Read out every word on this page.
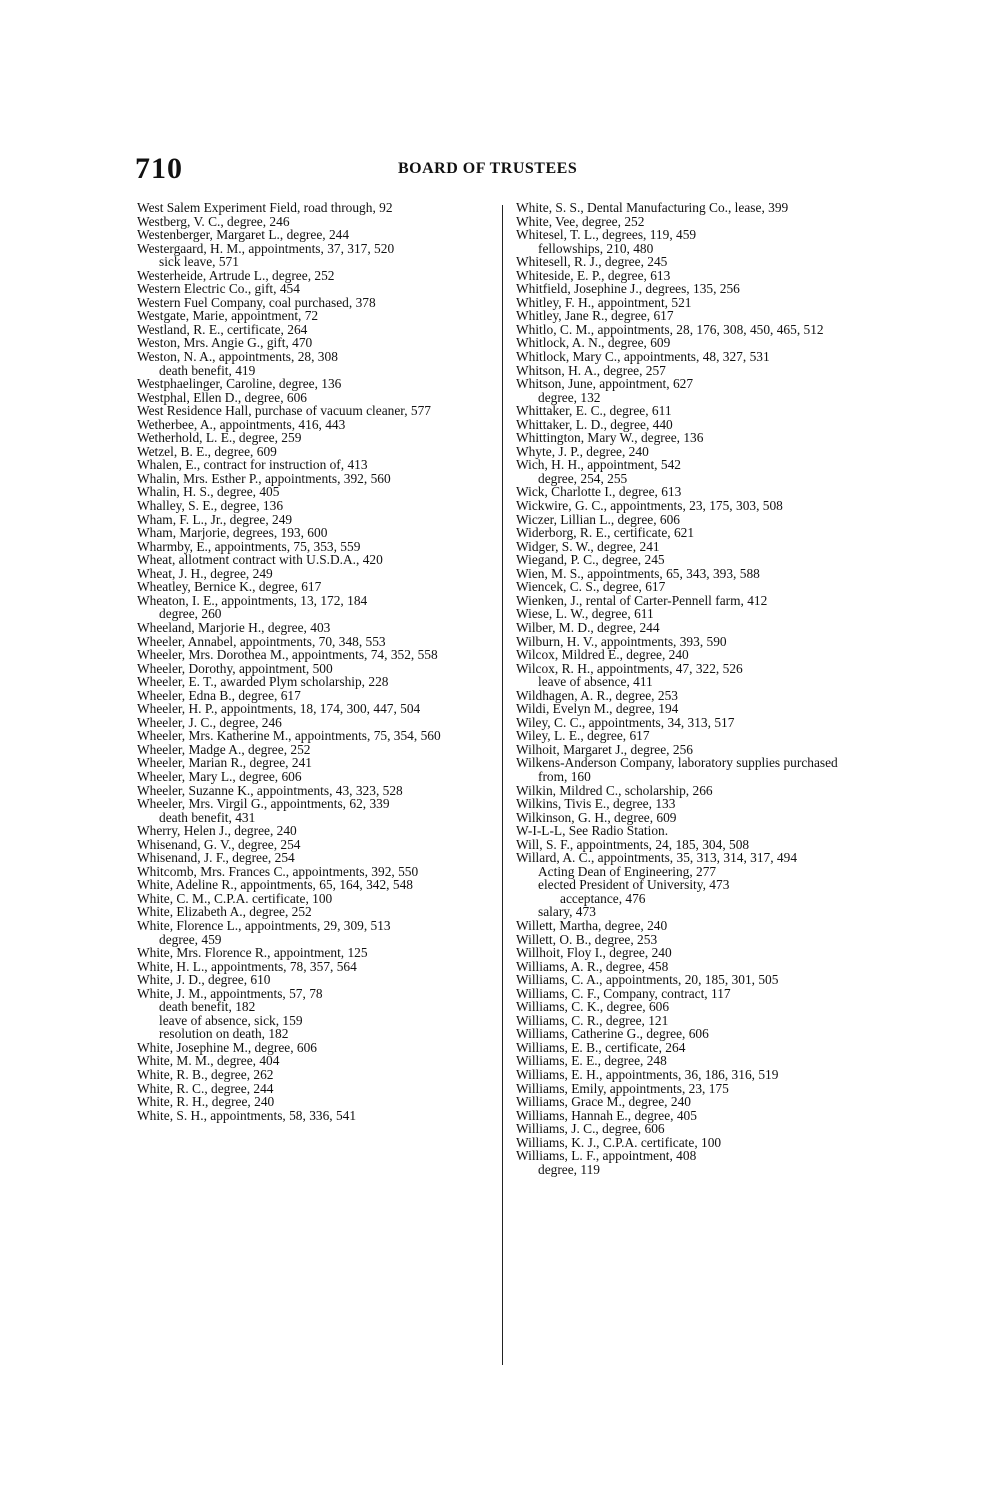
710	BOARD OF TRUSTEES

West Salem Experiment Field, road through, 92

Westberg, V. C., degree, 246

Westenberger, Margaret L., degree, 244

Westergaard, H. M., appointments, 37, 317, 520

sick leave, 571

Westerheide, Artrude L., degree, 252

Western Electric Co., gift, 454

Western Fuel Company, coal purchased, 378

Westgate, Marie, appointment, 72

Westland, R. E., certificate, 264

Weston, Mrs. Angie G., gift, 470

Weston, N. A., appointments, 28, 308

death benefit, 419

Westphaelinger, Caroline, degree, 136

Westphal, Ellen D., degree, 606

West Residence Hall, purchase of vacuum cleaner, 577

Wetherbee, A., appointments, 416, 443

Wetherhold, L. E., degree, 259

Wetzel, B. E., degree, 609

Whalen, E., contract for instruction of, 413

Whalin, Mrs. Esther P., appointments, 392, 560

Whalin, H. S., degree, 405

Whalley, S. E., degree, 136

Wham, F. L., Jr., degree, 249

Wham, Marjorie, degrees, 193, 600

Wharmby, E., appointments, 75, 353, 559

Wheat, allotment contract with U.S.D.A., 420

Wheat, J. H., degree, 249

Wheatley, Bernice K., degree, 617

Wheaton, I. E., appointments, 13, 172, 184

degree, 260

Wheeland, Marjorie H., degree, 403

Wheeler, Annabel, appointments, 70, 348, 553

Wheeler, Mrs. Dorothea M., appointments, 74, 352, 558

Wheeler, Dorothy, appointment, 500

Wheeler, E. T., awarded Plym scholarship, 228

Wheeler, Edna B., degree, 617

Wheeler, H. P., appointments, 18, 174, 300, 447, 504

Wheeler, J. C., degree, 246

Wheeler, Mrs. Katherine M., appointments, 75, 354, 560

Wheeler, Madge A., degree, 252

Wheeler, Marian R., degree, 241

Wheeler, Mary L., degree, 606

Wheeler, Suzanne K., appointments, 43, 323, 528

Wheeler, Mrs. Virgil G., appointments, 62, 339

death benefit, 431

Wherry, Helen J., degree, 240

Whisenand, G. V., degree, 254

Whisenand, J. F., degree, 254

Whitcomb, Mrs. Frances C., appointments, 392, 550

White, Adeline R., appointments, 65, 164, 342, 548

White, C. M., C.P.A. certificate, 100

White, Elizabeth A., degree, 252

White, Florence L., appointments, 29, 309, 513

degree, 459

White, Mrs. Florence R., appointment, 125

White, H. L., appointments, 78, 357, 564

White, J. D., degree, 610

White, J. M., appointments, 57, 78

death benefit, 182

leave of absence, sick, 159

resolution on death, 182

White, Josephine M., degree, 606

White, M. M., degree, 404

White, R. B., degree, 262

White, R. C., degree, 244

White, R. H., degree, 240

White, S. H., appointments, 58, 336, 541

White, S. S., Dental Manufacturing Co., lease, 399

White, Vee, degree, 252

Whitesel, T. L., degrees, 119, 459

fellowships, 210, 480

Whitesell, R. J., degree, 245

Whiteside, E. P., degree, 613

Whitfield, Josephine J., degrees, 135, 256

Whitley, F. H., appointment, 521

Whitley, Jane R., degree, 617

Whitlo, C. M., appointments, 28, 176, 308, 450, 465, 512

Whitlock, A. N., degree, 609

Whitlock, Mary C., appointments, 48, 327, 531

Whitson, H. A., degree, 257

Whitson, June, appointment, 627

degree, 132

Whittaker, E. C., degree, 611

Whittaker, L. D., degree, 440

Whittington, Mary W., degree, 136

Whyte, J. P., degree, 240

Wich, H. H., appointment, 542

degree, 254, 255

Wick, Charlotte I., degree, 613

Wickwire, G. C., appointments, 23, 175, 303, 508

Wiczer, Lillian L., degree, 606

Widerborg, R. E., certificate, 621

Widger, S. W., degree, 241

Wiegand, P. C., degree, 245

Wien, M. S., appointments, 65, 343, 393, 588

Wiencek, C. S., degree, 617

Wienken, J., rental of Carter-Pennell farm, 412

Wiese, L. W., degree, 611

Wilber, M. D., degree, 244

Wilburn, H. V., appointments, 393, 590

Wilcox, Mildred E., degree, 240

Wilcox, R. H., appointments, 47, 322, 526

leave of absence, 411

Wildhagen, A. R., degree, 253

Wildi, Evelyn M., degree, 194

Wiley, C. C., appointments, 34, 313, 517

Wiley, L. E., degree, 617

Wilhoit, Margaret J., degree, 256

Wilkens-Anderson Company, laboratory supplies purchased from, 160

Wilkin, Mildred C., scholarship, 266

Wilkins, Tivis E., degree, 133

Wilkinson, G. H., degree, 609

W-I-L-L, See Radio Station.

Will, S. F., appointments, 24, 185, 304, 508

Willard, A. C., appointments, 35, 313, 314, 317, 494

Acting Dean of Engineering, 277

elected President of University, 473

acceptance, 476

salary, 473

Willett, Martha, degree, 240

Willett, O. B., degree, 253

Willhoit, Floy I., degree, 240

Williams, A. R., degree, 458

Williams, C. A., appointments, 20, 185, 301, 505

Williams, C. F., Company, contract, 117

Williams, C. K., degree, 606

Williams, C. R., degree, 121

Williams, Catherine G., degree, 606

Williams, E. B., certificate, 264

Williams, E. E., degree, 248

Williams, E. H., appointments, 36, 186, 316, 519

Williams, Emily, appointments, 23, 175

Williams, Grace M., degree, 240

Williams, Hannah E., degree, 405

Williams, J. C., degree, 606

Williams, K. J., C.P.A. certificate, 100

Williams, L. F., appointment, 408

degree, 119
